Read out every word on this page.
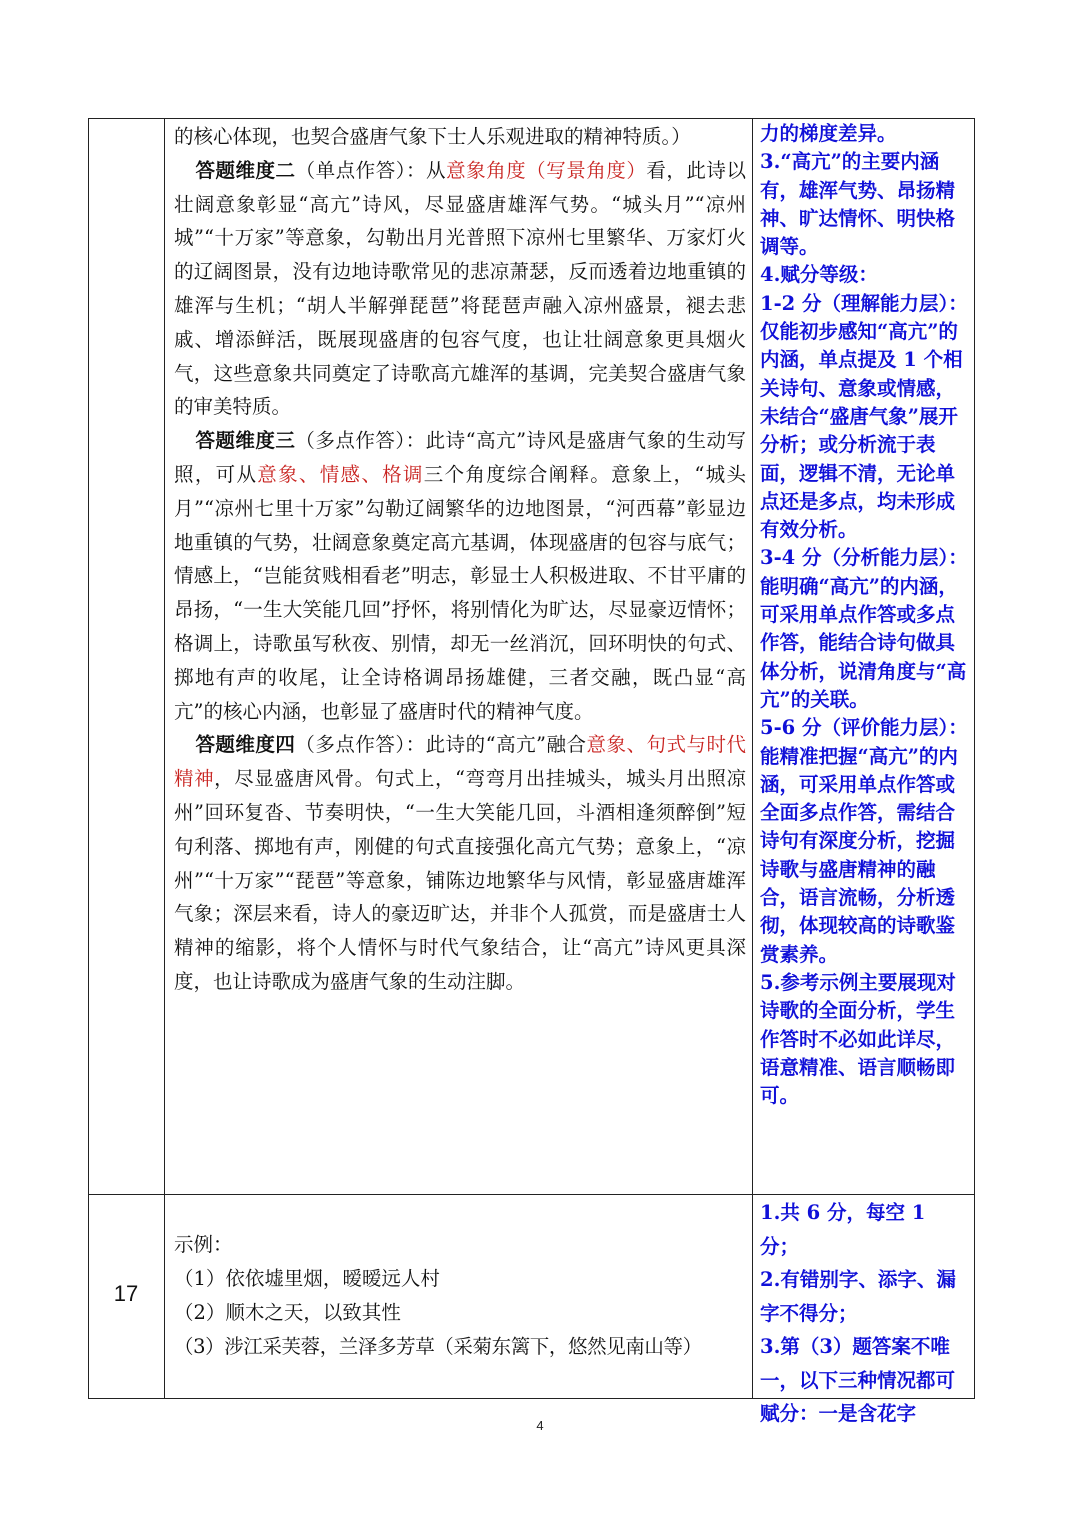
的核心体现，也契合盛唐气象下士人乐观进取的精神特质。）

答题维度二（单点作答）：从意象角度（写景角度）看，此诗以壮阔意象彰显“高亢”诗风，尽显盛唐雄浑气势。“城头月”“凉州城”“十万家”等意象，勾勒出月光普照下凉州七里繁华、万家灯火的辽阔图景，没有边地诗歌常见的悲凉萧瑟，反而透着边地重镇的雄浑与生机；“胡人半解弹琵琶”将琵琶声融入凉州盛景，褪去悲戚、增添鲜活，既展现盛唐的包容气度，也让壮阔意象更具烟火气，这些意象共同奠定了诗歌高亢雄浑的基调，完美契合盛唐气象的审美特质。

答题维度三（多点作答）：此诗“高亢”诗风是盛唐气象的生动写照，可从意象、情感、格调三个角度综合阐释。意象上，“城头月”“凉州七里十万家”勾勒辽阔繁华的边地图景，“河西幕”彰显边地重镇的气势，壮阔意象奠定高亢基调，体现盛唐的包容与底气；情感上，“岂能贫贱相看老”明志，彰显士人积极进取、不甘平庸的昂扬，“一生大笑能几回”抒怀，将别情化为旷达，尽显豪迈情怀；格调上，诗歌虽写秋夜、别情，却无一丝消沉，回环明快的句式、掷地有声的收尾，让全诗格调昂扬雄健，三者交融，既凸显“高亢”的核心内涵，也彰显了盛唐时代的精神气度。

答题维度四（多点作答）：此诗的“高亢”融合意象、句式与时代精神，尽显盛唐风骨。句式上，“弯弯月出挂城头，城头月出照凉州”回环复沓、节奏明快，“一生大笑能几回，斗酒相逢须醉倒”短句利落、掷地有声，刚健的句式直接强化高亢气势；意象上，“凉州”“十万家”“琵琶”等意象，铺陈边地繁华与风情，彰显盛唐雄浑气象；深层来看，诗人的豪迈旷达，并非个人孤赏，而是盛唐士人精神的缩影，将个人情怀与时代气象结合，让“高亢”诗风更具深度，也让诗歌成为盛唐气象的生动注脚。

力的梯度差异。

3.“高亢”的主要内涵有，雄浑气势、昂扬精神、旷达情怀、明快格调等。

4.赋分等级：

1-2 分（理解能力层）：仅能初步感知“高亢”的内涵，单点提及 1 个相关诗句、意象或情感，未结合“盛唐气象”展开分析；或分析流于表面，逻辑不清，无论单点还是多点，均未形成有效分析。

3-4 分（分析能力层）：能明确“高亢”的内涵，可采用单点作答或多点作答，能结合诗句做具体分析，说清角度与“高亢”的关联。

5-6 分（评价能力层）：能精准把握“高亢”的内涵，可采用单点作答或全面多点作答，需结合诗句有深度分析，挖掘诗歌与盛唐精神的融合，语言流畅，分析透彻，体现较高的诗歌鉴赏素养。

5.参考示例主要展现对诗歌的全面分析，学生作答时不必如此详尽，语意精准、语言顺畅即可。

17

示例：

（1）依依墟里烟，暧暧远人村

（2）顺木之天，以致其性

（3）涉江采芙蓉，兰泽多芳草（采菊东篱下，悠然见南山等）

1.共 6 分，每空 1 分；

2.有错别字、添字、漏字不得分；

3.第（3）题答案不唯一，以下三种情况都可赋分：一是含花字

4
